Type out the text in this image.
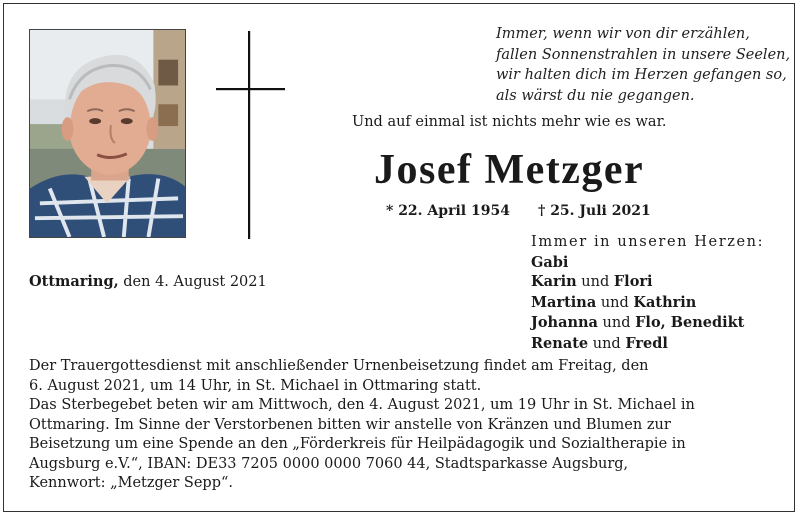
Immer, wenn wir von dir erzählen,
fallen Sonnenstrahlen in unsere Seelen,
wir halten dich im Herzen gefangen so,
als wärst du nie gegangen.
Und auf einmal ist nichts mehr wie es war.
Josef Metzger
* 22. April 1954 † 25. Juli 2021
Ottmaring, den 4. August 2021
Immer in unseren Herzen:
Gabi
Karin und Flori
Martina und Kathrin
Johanna und Flo, Benedikt
Renate und Fredl
Der Trauergottesdienst mit anschließender Urnenbeisetzung findet am Freitag, den
6. August 2021, um 14 Uhr, in St. Michael in Ottmaring statt.
Das Sterbegebet beten wir am Mittwoch, den 4. August 2021, um 19 Uhr in St. Michael in
Ottmaring. Im Sinne der Verstorbenen bitten wir anstelle von Kränzen und Blumen zur
Beisetzung um eine Spende an den „Förderkreis für Heilpädagogik und Sozialtherapie in
Augsburg e.V.“, IBAN: DE33 7205 0000 0000 7060 44, Stadtsparkasse Augsburg,
Kennwort: „Metzger Sepp“.
